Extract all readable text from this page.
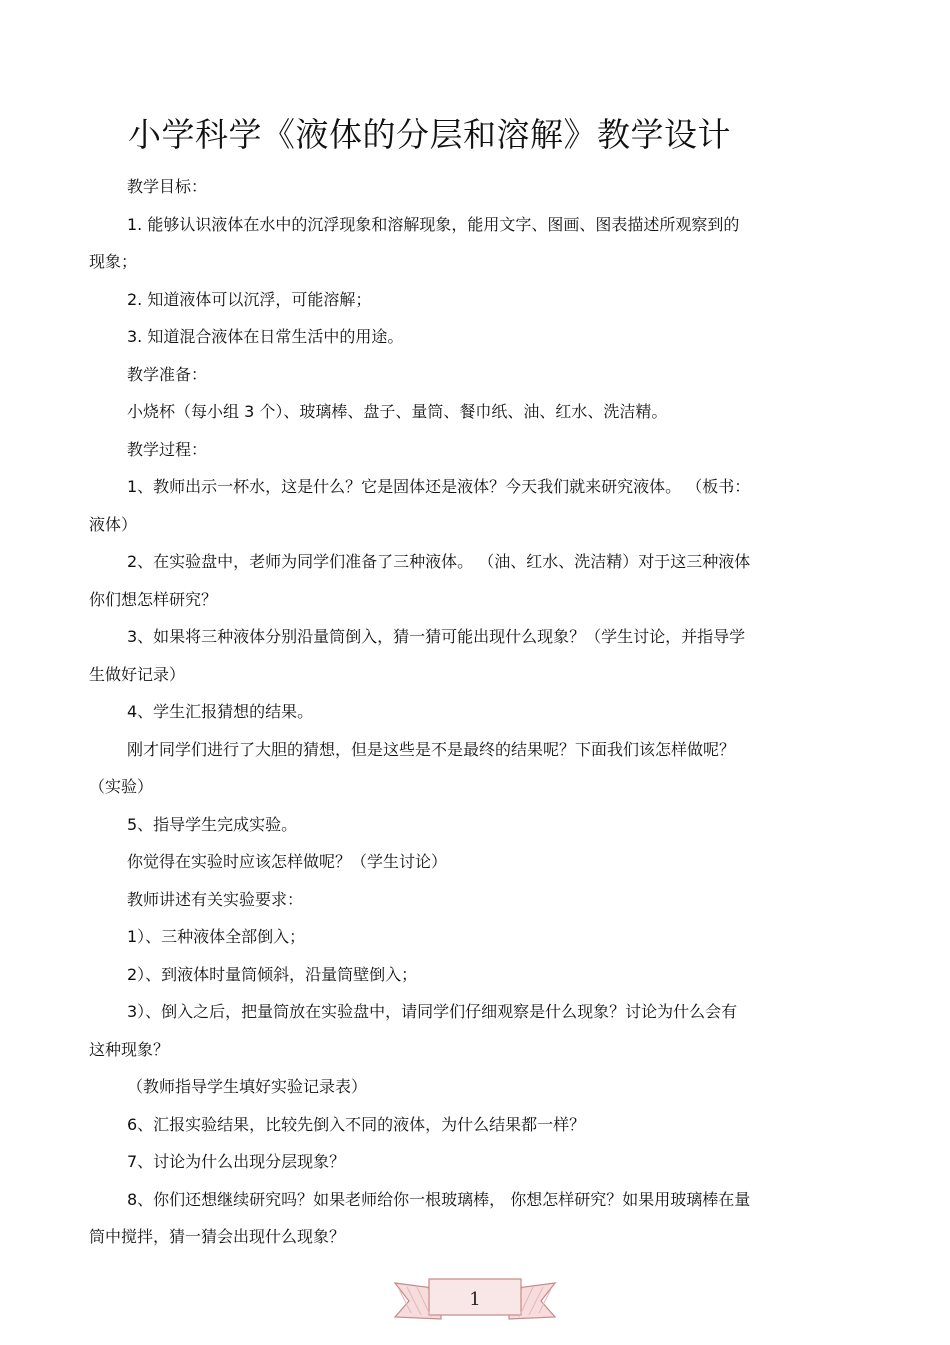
小学科学《液体的分层和溶解》教学设计

教学目标：

1. 能够认识液体在水中的沉浮现象和溶解现象，能用文字、图画、图表描述所观察到的
现象；

2. 知道液体可以沉浮，可能溶解；

3. 知道混合液体在日常生活中的用途。

教学准备：

小烧杯（每小组 3 个）、玻璃棒、盘子、量筒、餐巾纸、油、红水、洗洁精。

教学过程：

1、教师出示一杯水，这是什么？它是固体还是液体？今天我们就来研究液体。 （板书：
液体）

2、在实验盘中，老师为同学们准备了三种液体。 （油、红水、洗洁精）对于这三种液体
你们想怎样研究？

3、如果将三种液体分别沿量筒倒入，猜一猜可能出现什么现象？（学生讨论，并指导学
生做好记录）

4、学生汇报猜想的结果。

刚才同学们进行了大胆的猜想，但是这些是不是最终的结果呢？下面我们该怎样做呢？
（实验）

5、指导学生完成实验。

你觉得在实验时应该怎样做呢？（学生讨论）

教师讲述有关实验要求：

1）、三种液体全部倒入；

2）、到液体时量筒倾斜，沿量筒壁倒入；

3）、倒入之后，把量筒放在实验盘中，请同学们仔细观察是什么现象？讨论为什么会有
这种现象？

（教师指导学生填好实验记录表）

6、汇报实验结果，比较先倒入不同的液体，为什么结果都一样？

7、讨论为什么出现分层现象？

8、你们还想继续研究吗？如果老师给你一根玻璃棒， 你想怎样研究？如果用玻璃棒在量
筒中搅拌，猜一猜会出现什么现象？

1
